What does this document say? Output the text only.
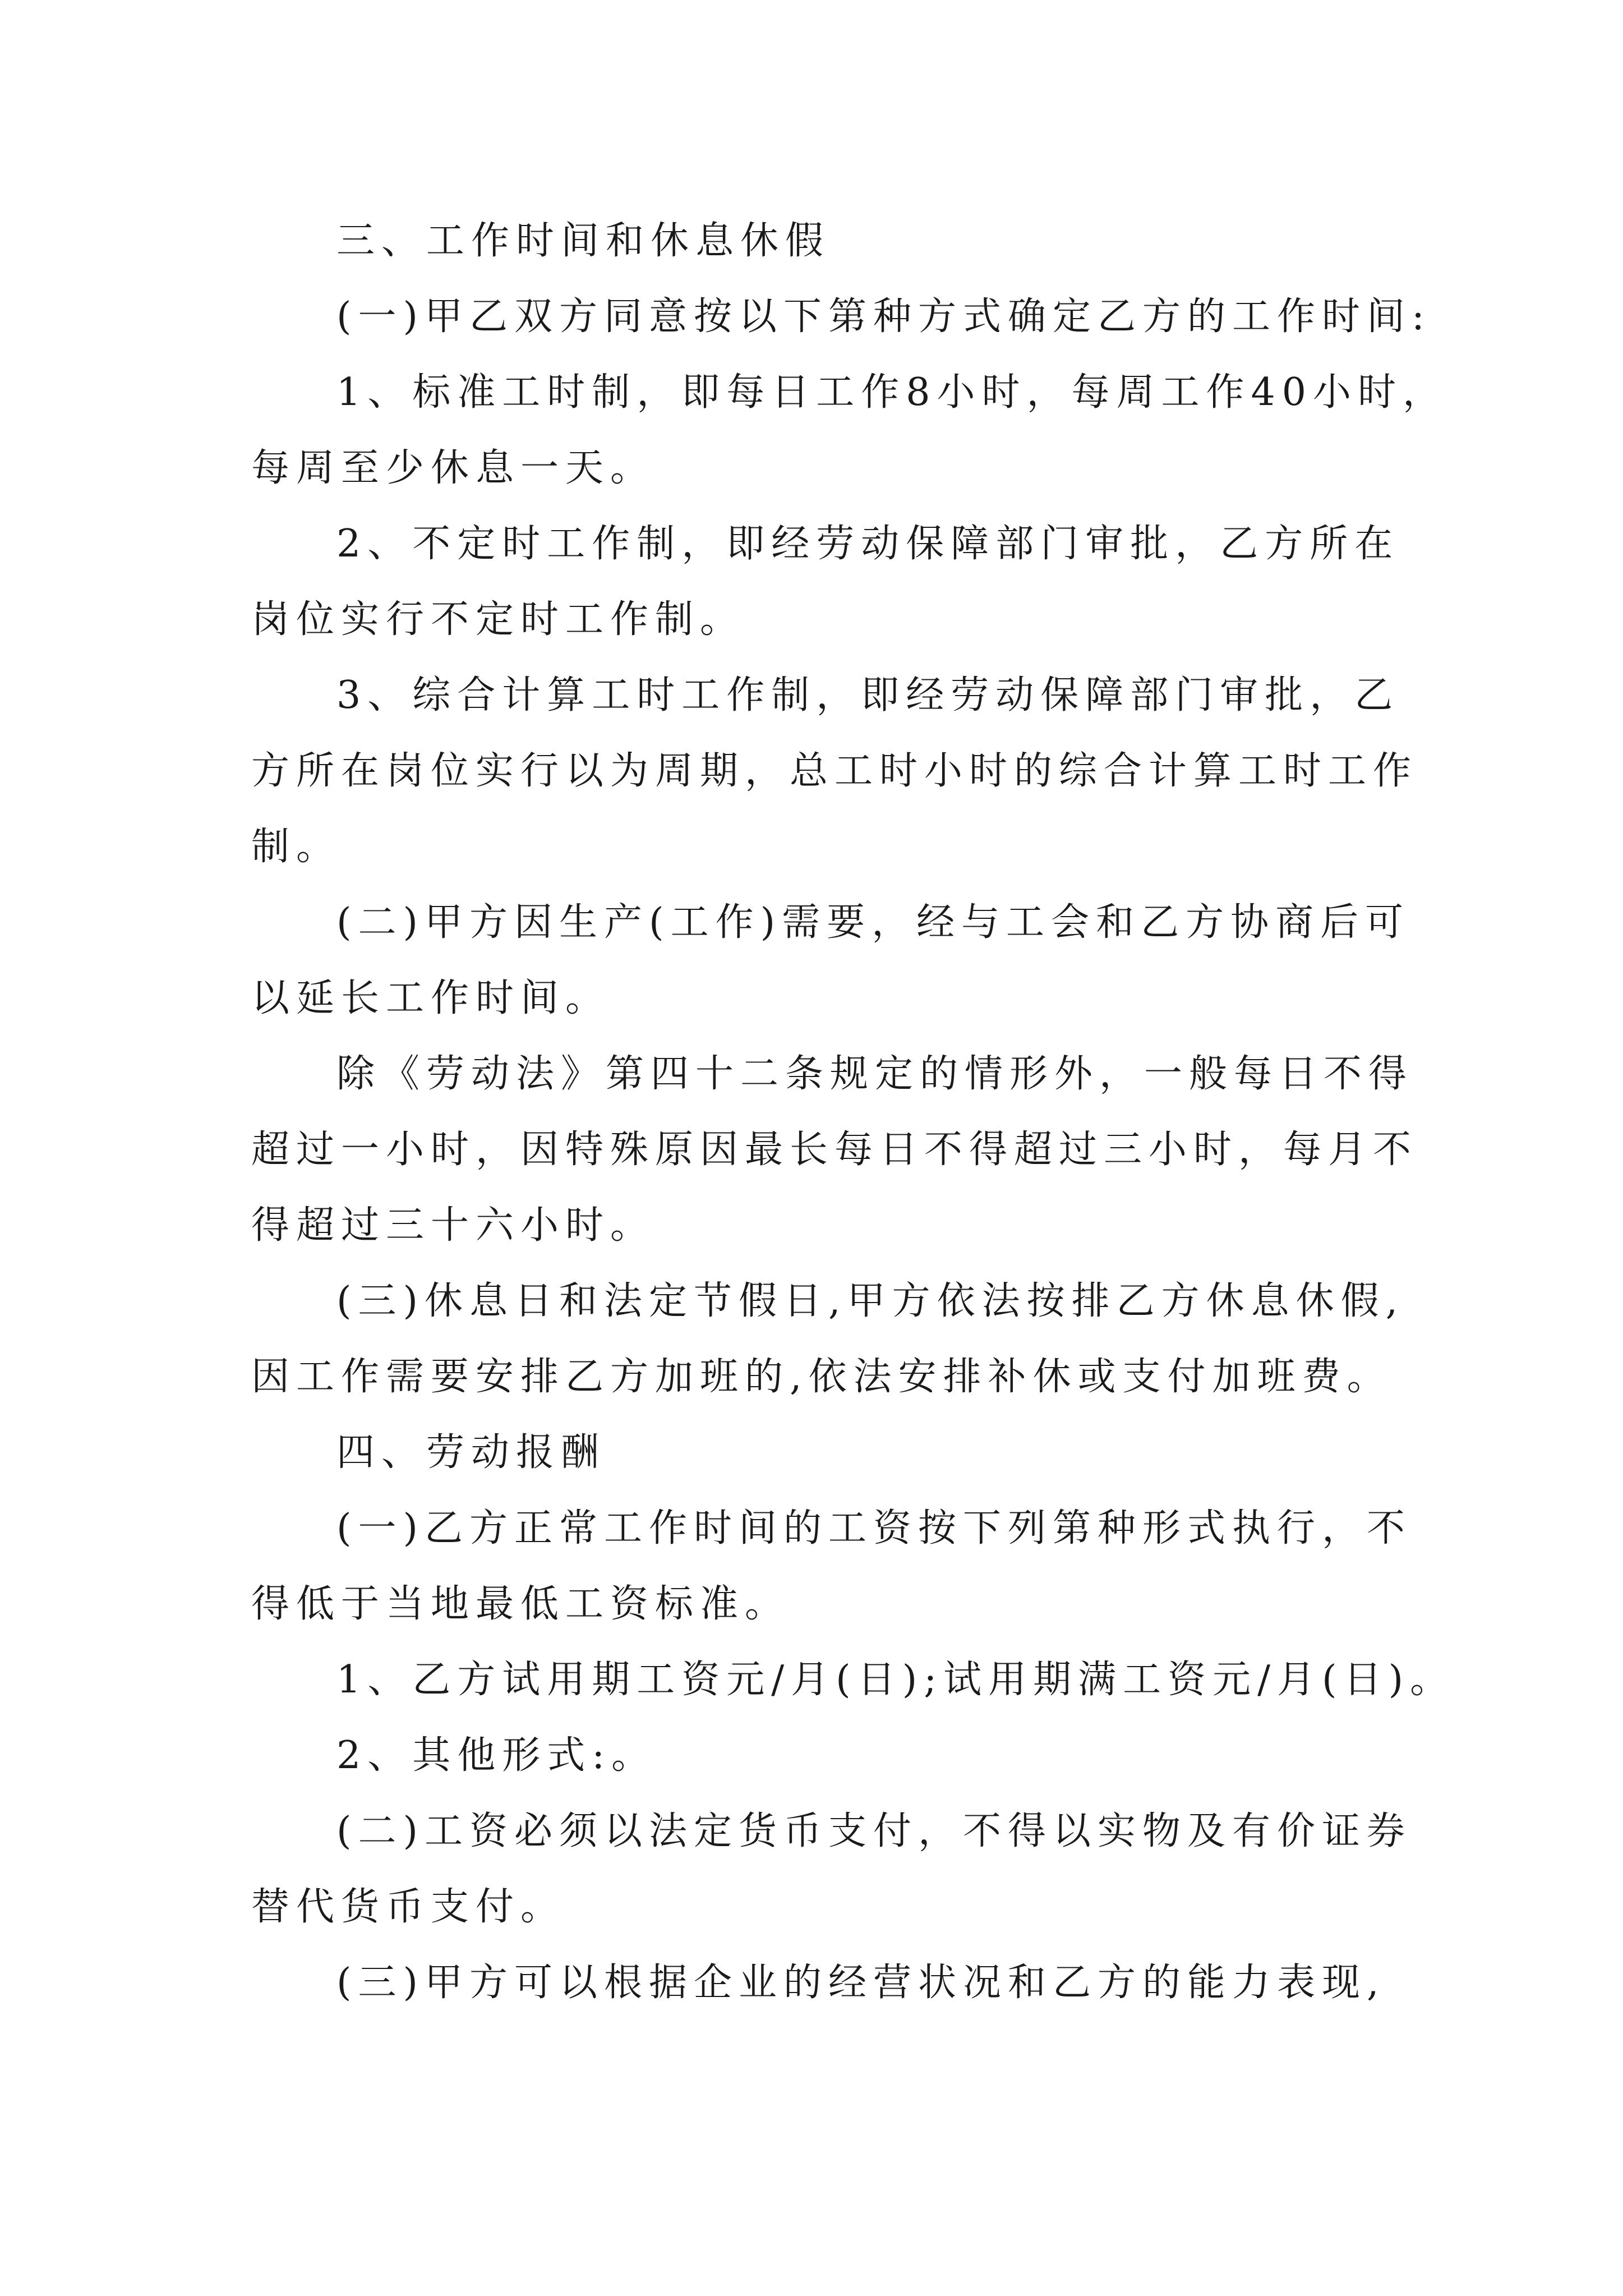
三、工作时间和休息休假
(一)甲乙双方同意按以下第种方式确定乙方的工作时间:
1、标准工时制，即每日工作8小时，每周工作40小时，
每周至少休息一天。
2、不定时工作制，即经劳动保障部门审批，乙方所在
岗位实行不定时工作制。
3、综合计算工时工作制，即经劳动保障部门审批，乙
方所在岗位实行以为周期，总工时小时的综合计算工时工作
制。
(二)甲方因生产(工作)需要，经与工会和乙方协商后可
以延长工作时间。
除《劳动法》第四十二条规定的情形外，一般每日不得
超过一小时，因特殊原因最长每日不得超过三小时，每月不
得超过三十六小时。
(三)休息日和法定节假日,甲方依法按排乙方休息休假,
因工作需要安排乙方加班的,依法安排补休或支付加班费。
四、劳动报酬
(一)乙方正常工作时间的工资按下列第种形式执行，不
得低于当地最低工资标准。
1、乙方试用期工资元/月(日);试用期满工资元/月(日)。
2、其他形式:。
(二)工资必须以法定货币支付，不得以实物及有价证券
替代货币支付。
(三)甲方可以根据企业的经营状况和乙方的能力表现,
